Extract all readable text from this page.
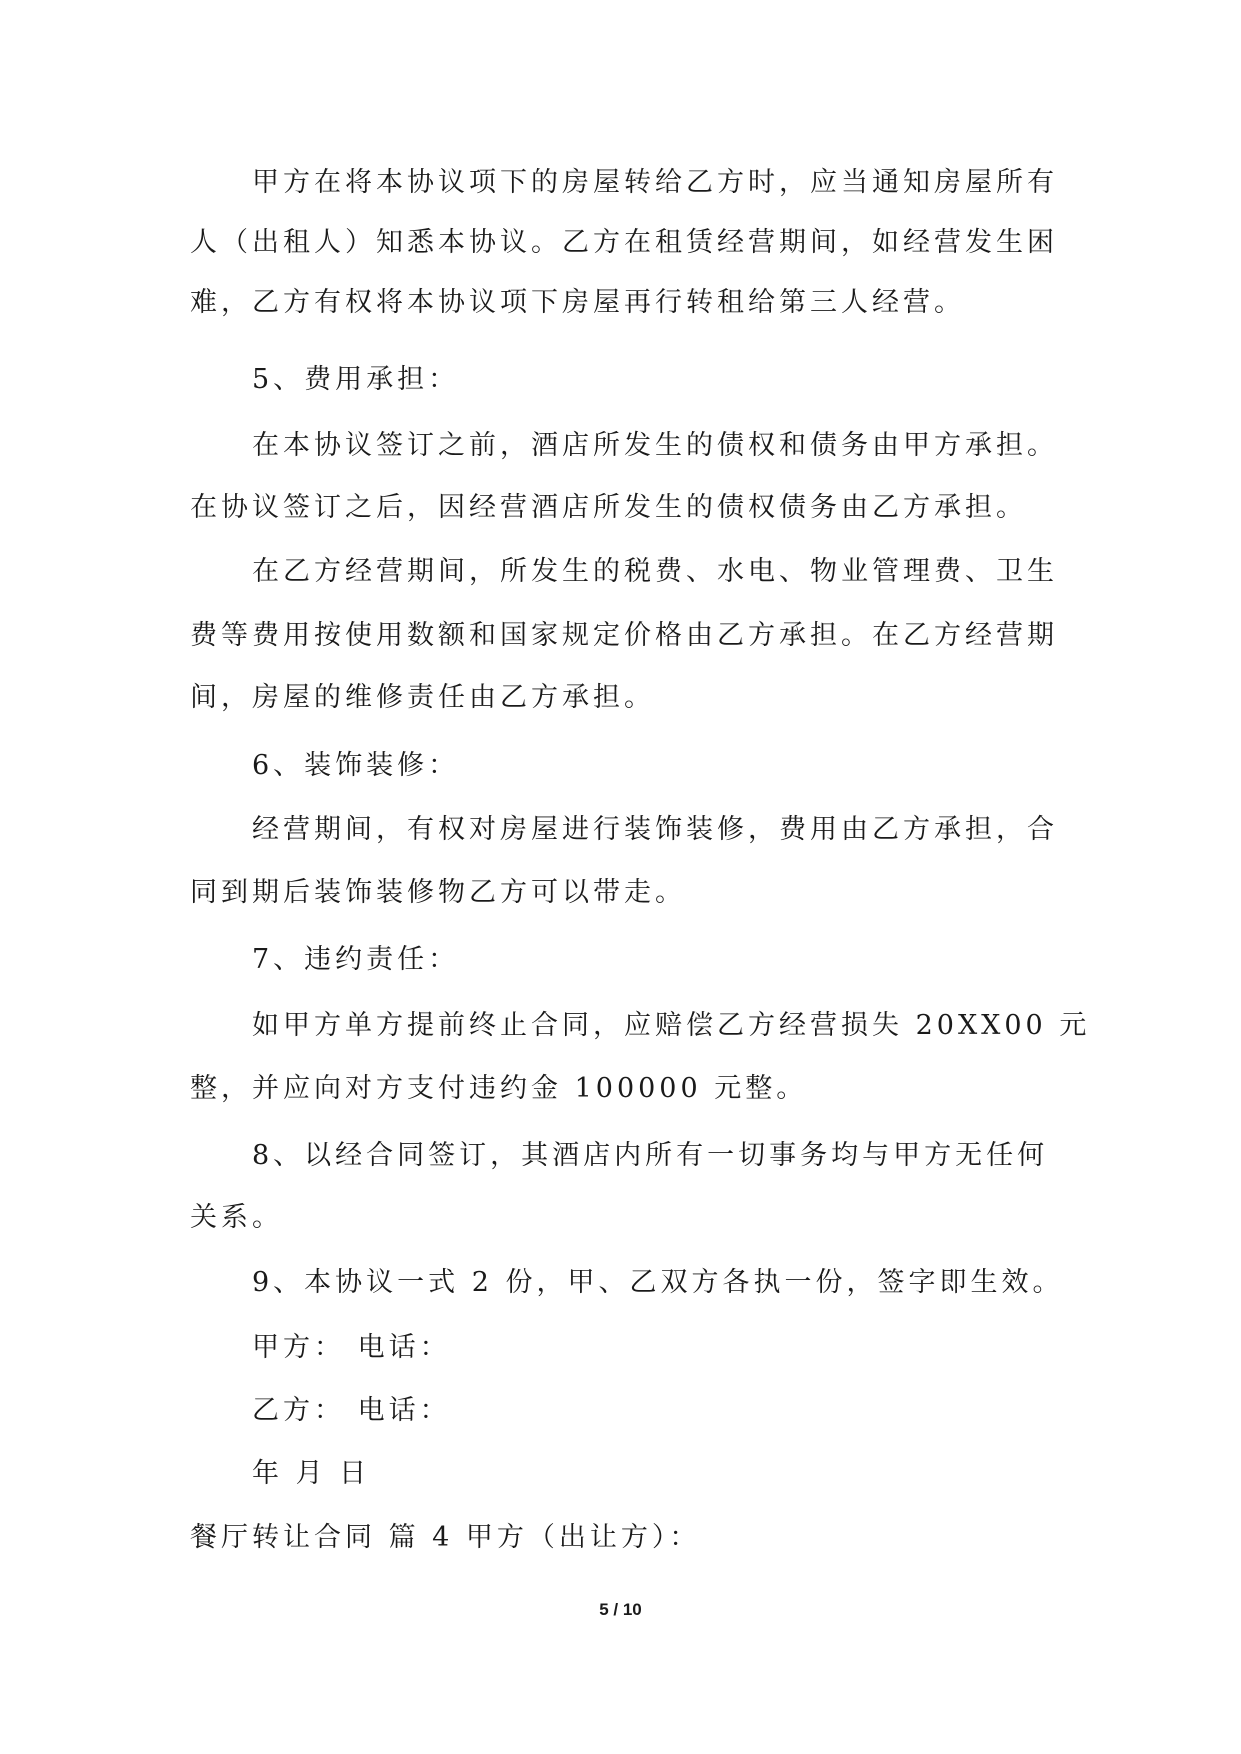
甲方在将本协议项下的房屋转给乙方时，应当通知房屋所有
人（出租人）知悉本协议。乙方在租赁经营期间，如经营发生困
难，乙方有权将本协议项下房屋再行转租给第三人经营。
5、费用承担：
在本协议签订之前，酒店所发生的债权和债务由甲方承担。
在协议签订之后，因经营酒店所发生的债权债务由乙方承担。
在乙方经营期间，所发生的税费、水电、物业管理费、卫生
费等费用按使用数额和国家规定价格由乙方承担。在乙方经营期
间，房屋的维修责任由乙方承担。
6、装饰装修：
经营期间，有权对房屋进行装饰装修，费用由乙方承担，合
同到期后装饰装修物乙方可以带走。
7、违约责任：
如甲方单方提前终止合同，应赔偿乙方经营损失 20XX00 元
整，并应向对方支付违约金 100000 元整。
8、以经合同签订，其酒店内所有一切事务均与甲方无任何
关系。
9、本协议一式 2 份，甲、乙双方各执一份，签字即生效。
甲方： 电话：
乙方： 电话：
年 月 日
餐厅转让合同 篇 4 甲方（出让方）：
5 / 10
